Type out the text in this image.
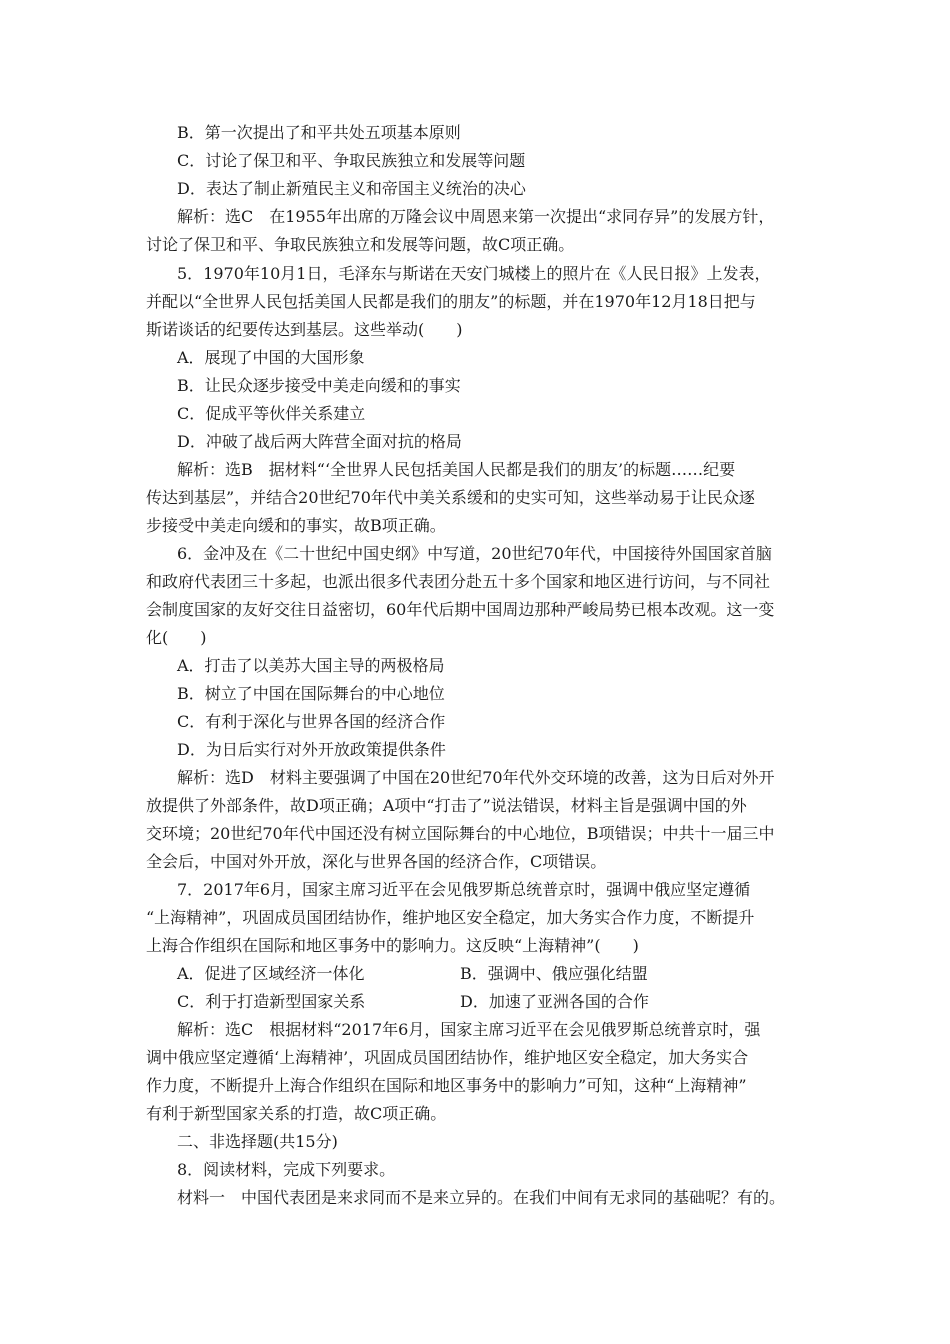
B．第一次提出了和平共处五项基本原则
C．讨论了保卫和平、争取民族独立和发展等问题
D．表达了制止新殖民主义和帝国主义统治的决心
解析：选C　在1955年出席的万隆会议中周恩来第一次提出“求同存异”的发展方针，
讨论了保卫和平、争取民族独立和发展等问题，故C项正确。
5．1970年10月1日，毛泽东与斯诺在天安门城楼上的照片在《人民日报》上发表，
并配以“全世界人民包括美国人民都是我们的朋友”的标题，并在1970年12月18日把与
斯诺谈话的纪要传达到基层。这些举动(　　)
A．展现了中国的大国形象
B．让民众逐步接受中美走向缓和的事实
C．促成平等伙伴关系建立
D．冲破了战后两大阵营全面对抗的格局
解析：选B　据材料“‘全世界人民包括美国人民都是我们的朋友’的标题……纪要
传达到基层”，并结合20世纪70年代中美关系缓和的史实可知，这些举动易于让民众逐
步接受中美走向缓和的事实，故B项正确。
6．金冲及在《二十世纪中国史纲》中写道，20世纪70年代，中国接待外国国家首脑
和政府代表团三十多起，也派出很多代表团分赴五十多个国家和地区进行访问，与不同社
会制度国家的友好交往日益密切，60年代后期中国周边那种严峻局势已根本改观。这一变
化(　　)
A．打击了以美苏大国主导的两极格局
B．树立了中国在国际舞台的中心地位
C．有利于深化与世界各国的经济合作
D．为日后实行对外开放政策提供条件
解析：选D　材料主要强调了中国在20世纪70年代外交环境的改善，这为日后对外开
放提供了外部条件，故D项正确；A项中“打击了”说法错误，材料主旨是强调中国的外
交环境；20世纪70年代中国还没有树立国际舞台的中心地位，B项错误；中共十一届三中
全会后，中国对外开放，深化与世界各国的经济合作，C项错误。
7．2017年6月，国家主席习近平在会见俄罗斯总统普京时，强调中俄应坚定遵循
“上海精神”，巩固成员国团结协作，维护地区安全稳定，加大务实合作力度，不断提升
上海合作组织在国际和地区事务中的影响力。这反映“上海精神”(　　)
A．促进了区域经济一体化	B．强调中、俄应强化结盟
C．利于打造新型国家关系	D．加速了亚洲各国的合作
解析：选C　根据材料“2017年6月，国家主席习近平在会见俄罗斯总统普京时，强
调中俄应坚定遵循‘上海精神’，巩固成员国团结协作，维护地区安全稳定，加大务实合
作力度，不断提升上海合作组织在国际和地区事务中的影响力”可知，这种“上海精神”
有利于新型国家关系的打造，故C项正确。
二、非选择题(共15分)
8．阅读材料，完成下列要求。
材料一　中国代表团是来求同而不是来立异的。在我们中间有无求同的基础呢？有的。
